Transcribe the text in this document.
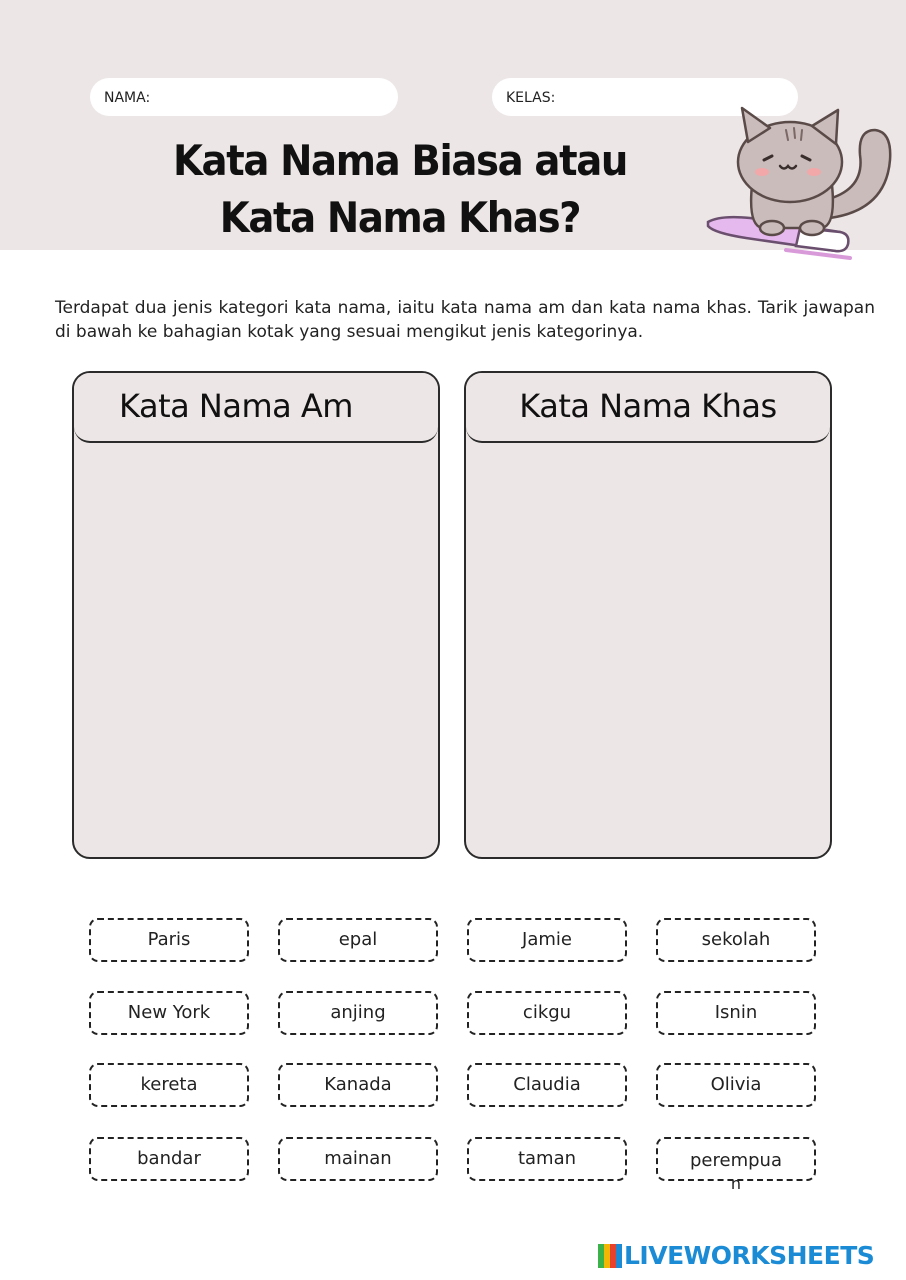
NAMA:	KELAS:
Kata Nama Biasa atau
Kata Nama Khas?

Terdapat dua jenis kategori kata nama, iaitu kata nama am dan kata nama khas. Tarik jawapan di bawah ke bahagian kotak yang sesuai mengikut jenis kategorinya.

Kata Nama Am	Kata Nama Khas
Paris	epal	Jamie	sekolah
New York	anjing	cikgu	Isnin
kereta	Kanada	Claudia	Olivia
bandar	mainan	taman	perempua
n
LIVEWORKSHEETS
